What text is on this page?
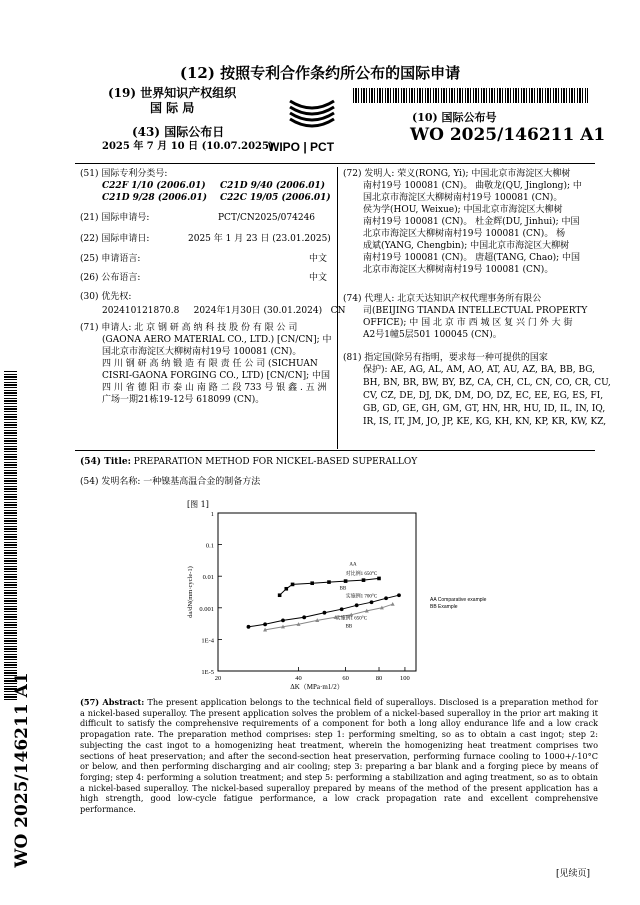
(12) 按照专利合作条约所公布的国际申请
(19) 世界知识产权组织
国 际 局
(43) 国际公布日
2025 年 7 月 10 日 (10.07.2025)
WIPO | PCT
(10) 国际公布号
WO 2025/146211 A1
(51) 国际专利分类号:
C22F 1/10 (2006.01) C21D 9/40 (2006.01)
C21D 9/28 (2006.01) C22C 19/05 (2006.01)
(21) 国际申请号:	PCT/CN2025/074246
(22) 国际申请日:	2025 年 1 月 23 日 (23.01.2025)
(25) 申请语言:	中文
(26) 公布语言:	中文
(30) 优先权:
202410121870.8     2024年1月30日 (30.01.2024)   CN
(71) 申请人: 北 京 钢 研 高 纳 科 技 股 份 有 限 公 司
(GAONA AERO MATERIAL CO., LTD.) [CN/CN]; 中
国北京市海淀区大柳树南村19号 100081 (CN)。
四 川 钢 研 高 纳 锻 造 有 限 责 任 公 司 (SICHUAN
CISRI-GAONA FORGING CO., LTD) [CN/CN]; 中国
四 川 省 德 阳 市 泰 山 南 路 二 段 733 号 银 鑫 . 五 洲
广场一期21栋19-12号 618099 (CN)。
(72) 发明人: 荣义(RONG, Yi); 中国北京市海淀区大柳树
南村19号 100081 (CN)。 曲敬龙(QU, Jinglong); 中
国北京市海淀区大柳树南村19号 100081 (CN)。
侯为学(HOU, Weixue); 中国北京市海淀区大柳树
南村19号 100081 (CN)。 杜金辉(DU, Jinhui); 中国
北京市海淀区大柳树南村19号 100081 (CN)。 杨
成斌(YANG, Chengbin); 中国北京市海淀区大柳树
南村19号 100081 (CN)。 唐超(TANG, Chao); 中国
北京市海淀区大柳树南村19号 100081 (CN)。
(74) 代理人: 北京天达知识产权代理事务所有限公
司(BEIJING TIANDA INTELLECTUAL PROPERTY
OFFICE); 中 国 北 京 市 西 城 区 复 兴 门 外 大 街
A2号1幢5层501 100045 (CN)。
(81) 指定国(除另有指明，要求每一种可提供的国家
保护): AE, AG, AL, AM, AO, AT, AU, AZ, BA, BB, BG,
BH, BN, BR, BW, BY, BZ, CA, CH, CL, CN, CO, CR, CU,
CV, CZ, DE, DJ, DK, DM, DO, DZ, EC, EE, EG, ES, FI,
GB, GD, GE, GH, GM, GT, HN, HR, HU, ID, IL, IN, IQ,
IR, IS, IT, JM, JO, JP, KE, KG, KH, KN, KP, KR, KW, KZ,
(54) Title: PREPARATION METHOD FOR NICKEL-BASED SUPERALLOY
(54) 发明名称: 一种镍基高温合金的制备方法
[图 1]
1
0.1
0.01
0.001
1E-4
1E-5
20	40	60	80	100
ΔK（MPa·m1/2）
da/dN(mm·cycle-1)
AA
对比例1 650°C
BB
实施例1 700°C
实施例1 650°C
BB
AA Comparative example
BB Example
(57) Abstract: The present application belongs to the technical field of superalloys. Disclosed is a preparation method for a nickel-based superalloy. The present application solves the problem of a nickel-based superalloy in the prior art making it difficult to satisfy the comprehensive requirements of a component for both a long alloy endurance life and a low crack propagation rate. The preparation method comprises: step 1: performing smelting, so as to obtain a cast ingot; step 2: subjecting the cast ingot to a homogenizing heat treatment, wherein the homogenizing heat treatment comprises two sections of heat preservation; and after the second-section heat preservation, performing furnace cooling to 1000+/-10°C or below, and then performing discharging and air cooling; step 3: preparing a bar blank and a forging piece by means of forging; step 4: performing a solution treatment; and step 5: performing a stabilization and aging treatment, so as to obtain a nickel-based superalloy. The nickel-based superalloy prepared by means of the method of the present application has a high strength, good low-cycle fatigue performance, a low crack propagation rate and excellent comprehensive performance.
WO 2025/146211 A1
[见续页]
